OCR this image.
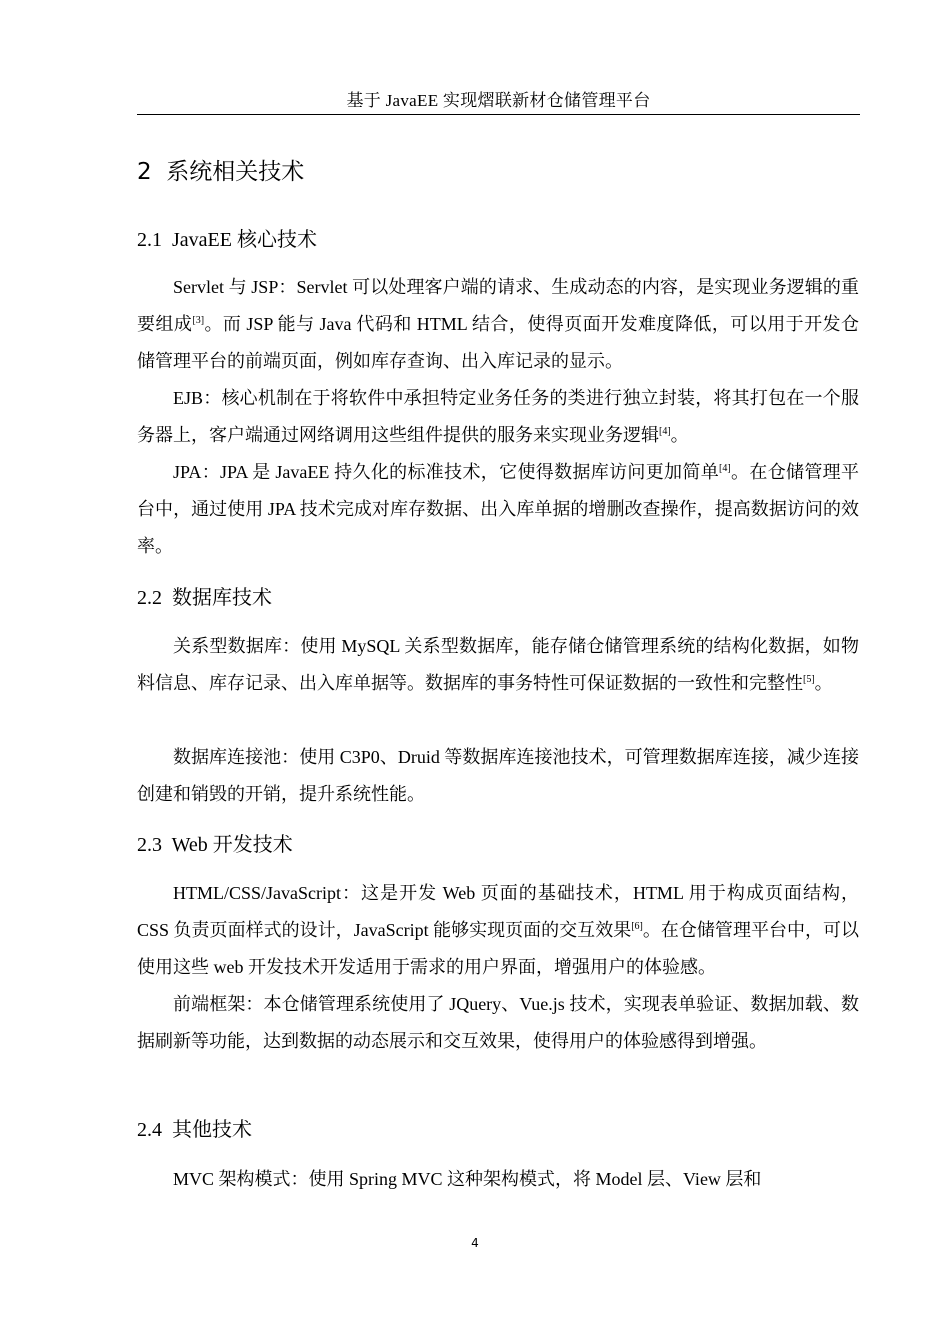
基于 JavaEE 实现熠联新材仓储管理平台
2 系统相关技术
2.1 JavaEE 核心技术

Servlet 与 JSP：Servlet 可以处理客户端的请求、生成动态的内容，是实现业务逻辑的重要组成[3]。而 JSP 能与 Java 代码和 HTML 结合，使得页面开发难度降低，可以用于开发仓储管理平台的前端页面，例如库存查询、出入库记录的显示。

EJB：核心机制在于将软件中承担特定业务任务的类进行独立封装，将其打包在一个服务器上，客户端通过网络调用这些组件提供的服务来实现业务逻辑[4]。

JPA：JPA 是 JavaEE 持久化的标准技术，它使得数据库访问更加简单[4]。在仓储管理平台中，通过使用 JPA 技术完成对库存数据、出入库单据的增删改查操作，提高数据访问的效率。

2.2 数据库技术

关系型数据库：使用 MySQL 关系型数据库，能存储仓储管理系统的结构化数据，如物料信息、库存记录、出入库单据等。数据库的事务特性可保证数据的一致性和完整性[5]。

数据库连接池：使用 C3P0、Druid 等数据库连接池技术，可管理数据库连接，减少连接创建和销毁的开销，提升系统性能。

2.3 Web 开发技术

HTML/CSS/JavaScript：这是开发 Web 页面的基础技术，HTML 用于构成页面结构，CSS 负责页面样式的设计，JavaScript 能够实现页面的交互效果[6]。在仓储管理平台中，可以使用这些 web 开发技术开发适用于需求的用户界面，增强用户的体验感。

前端框架：本仓储管理系统使用了 JQuery、Vue.js 技术，实现表单验证、数据加载、数据刷新等功能，达到数据的动态展示和交互效果，使得用户的体验感得到增强。

2.4 其他技术

MVC 架构模式：使用 Spring MVC 这种架构模式，将 Model 层、View 层和

4
